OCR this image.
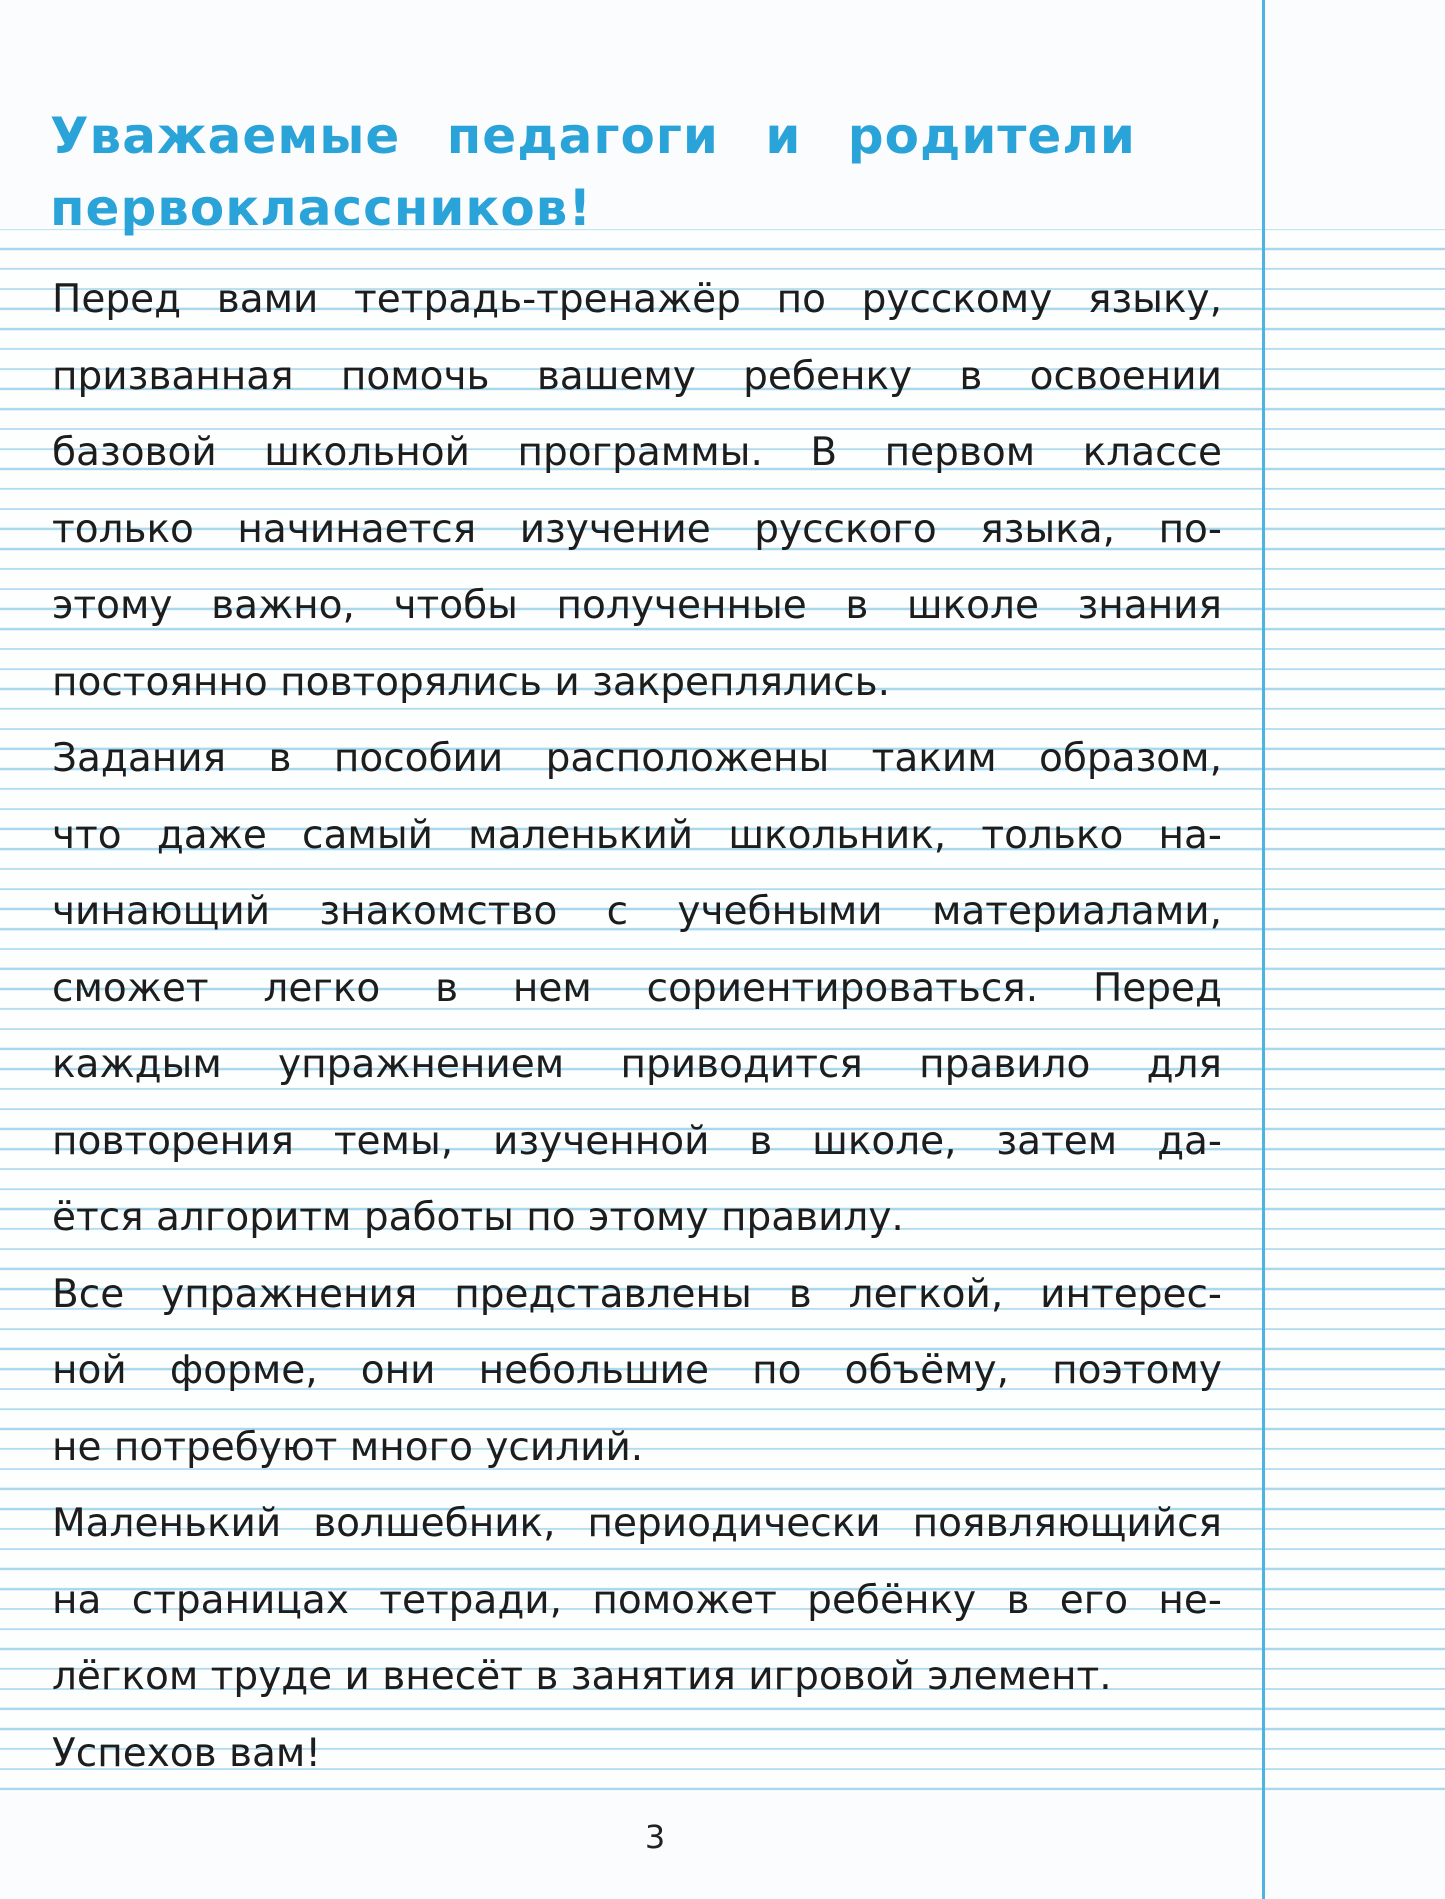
Уважаемые педагоги и родители
первоклассников!
Перед вами тетрадь-тренажёр по русскому языку,
призванная помочь вашему ребенку в освоении
базовой школьной программы. В первом классе
только начинается изучение русского языка, по-
этому важно, чтобы полученные в школе знания
постоянно повторялись и закреплялись.
Задания в пособии расположены таким образом,
что даже самый маленький школьник, только на-
чинающий знакомство с учебными материалами,
сможет легко в нем сориентироваться. Перед
каждым упражнением приводится правило для
повторения темы, изученной в школе, затем да-
ётся алгоритм работы по этому правилу.
Все упражнения представлены в легкой, интерес-
ной форме, они небольшие по объёму, поэтому
не потребуют много усилий.
Маленький волшебник, периодически появляющийся
на страницах тетради, поможет ребёнку в его не-
лёгком труде и внесёт в занятия игровой элемент.
Успехов вам!
3
